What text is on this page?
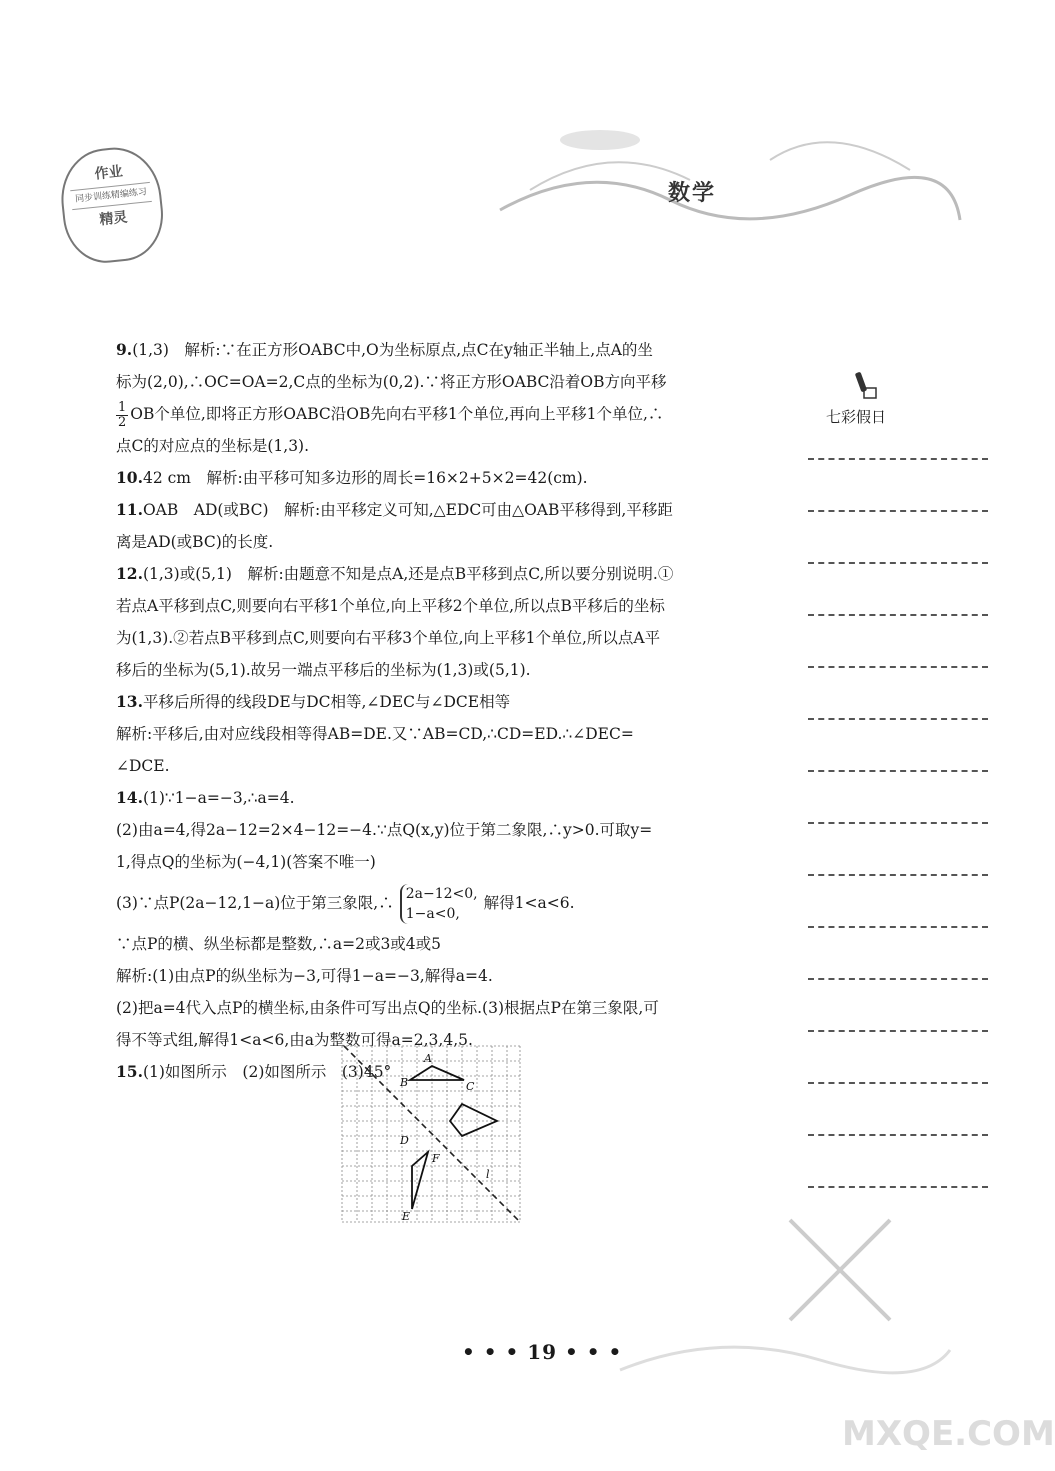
作业
同步训练精编练习
精灵
数学

9.(1,3)　解析:∵在正方形OABC中,O为坐标原点,点C在y轴正半轴上,点A的坐

标为(2,0),∴OC=OA=2,C点的坐标为(0,2).∵将正方形OABC沿着OB方向平移

$\frac{1}{2}$ OB个单位,即将正方形OABC沿OB先向右平移1个单位,再向上平移1个单位,∴

点C的对应点的坐标是(1,3).

10.42 cm　解析:由平移可知多边形的周长=16×2+5×2=42(cm).

11.OAB　AD(或BC)　解析:由平移定义可知,△EDC可由△OAB平移得到,平移距

离是AD(或BC)的长度.

12.(1,3)或(5,1)　解析:由题意不知是点A,还是点B平移到点C,所以要分别说明.①

若点A平移到点C,则要向右平移1个单位,向上平移2个单位,所以点B平移后的坐标

为(1,3).②若点B平移到点C,则要向右平移3个单位,向上平移1个单位,所以点A平

移后的坐标为(5,1).故另一端点平移后的坐标为(1,3)或(5,1).

13.平移后所得的线段DE与DC相等,∠DEC与∠DCE相等

解析:平移后,由对应线段相等得AB=DE.又∵AB=CD,∴CD=ED.∴∠DEC=

∠DCE.

14.(1)∵1−a=−3,∴a=4.

(2)由a=4,得2a−12=2×4−12=−4.∵点Q(x,y)位于第二象限,∴y>0.可取y=

1,得点Q的坐标为(−4,1)(答案不唯一)

(3)∵点P(2a−12,1−a)位于第三象限,∴ 2a−12<0,
1−a<0,
解得1<a<6.

∵点P的横、纵坐标都是整数,∴a=2或3或4或5

解析:(1)由点P的纵坐标为−3,可得1−a=−3,解得a=4.

(2)把a=4代入点P的横坐标,由条件可写出点Q的坐标.(3)根据点P在第三象限,可

得不等式组,解得1<a<6,由a为整数可得a=2,3,4,5.

15.(1)如图所示　(2)如图所示　(3)45°

A
B	C
D
F
l
E
七彩假日
• • • 19 • • •
MXQE.COM
